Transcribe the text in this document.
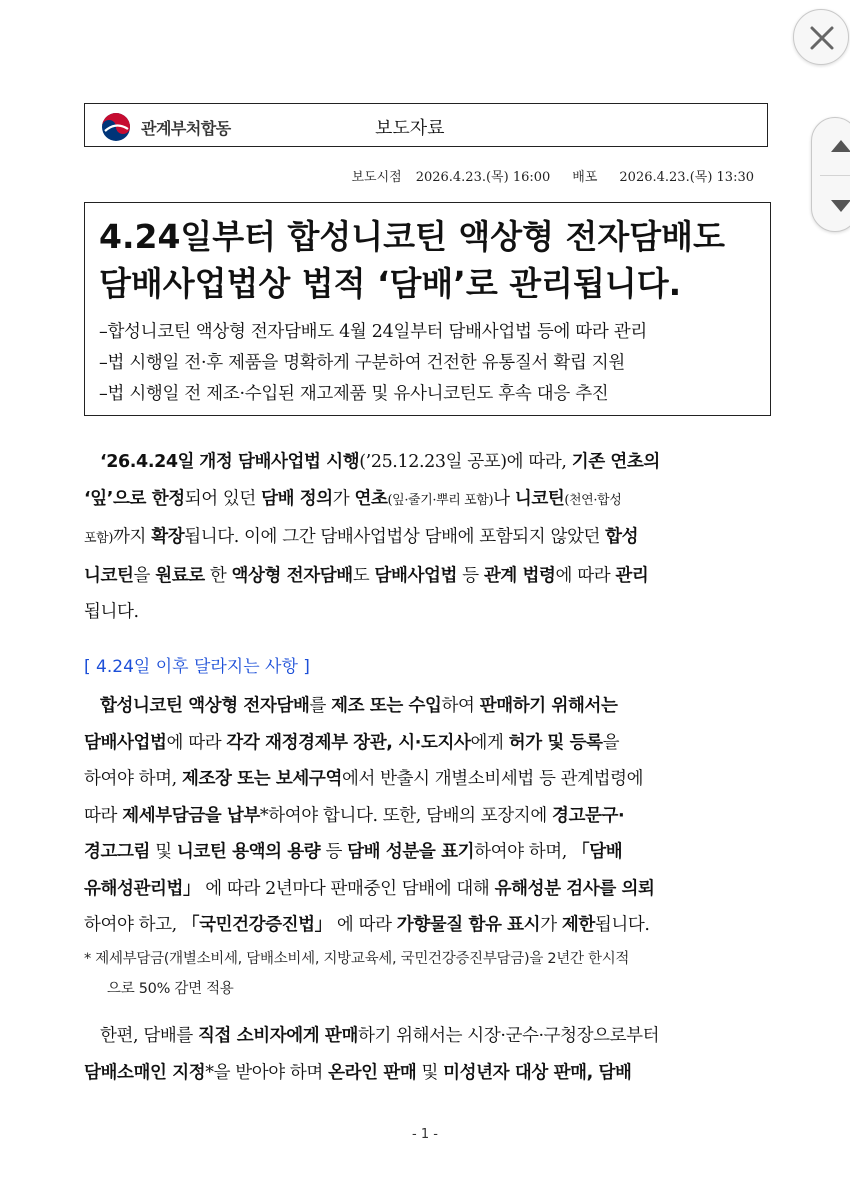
관계부처합동	보도자료
보도시점 2026.4.23.(목) 16:00 배포 2026.4.23.(목) 13:30
4.24일부터 합성니코틴 액상형 전자담배도
담배사업법상 법적 ‘담배’로 관리됩니다.
–합성니코틴 액상형 전자담배도 4월 24일부터 담배사업법 등에 따라 관리
–법 시행일 전·후 제품을 명확하게 구분하여 건전한 유통질서 확립 지원
–법 시행일 전 제조·수입된 재고제품 및 유사니코틴도 후속 대응 추진
‘26.4.24일 개정 담배사업법 시행(’25.12.23일 공포)에 따라, 기존 연초의
‘잎’으로 한정되어 있던 담배 정의가 연초(잎·줄기·뿌리 포함)나 니코틴(천연·합성
포함)까지 확장됩니다. 이에 그간 담배사업법상 담배에 포함되지 않았던 합성
니코틴을 원료로 한 액상형 전자담배도 담배사업법 등 관계 법령에 따라 관리
됩니다.
[ 4.24일 이후 달라지는 사항 ]
합성니코틴 액상형 전자담배를 제조 또는 수입하여 판매하기 위해서는
담배사업법에 따라 각각 재정경제부 장관, 시·도지사에게 허가 및 등록을
하여야 하며, 제조장 또는 보세구역에서 반출시 개별소비세법 등 관계법령에
따라 제세부담금을 납부*하여야 합니다. 또한, 담배의 포장지에 경고문구·
경고그림 및 니코틴 용액의 용량 등 담배 성분을 표기하여야 하며, 「담배
유해성관리법」 에 따라 2년마다 판매중인 담배에 대해 유해성분 검사를 의뢰
하여야 하고, 「국민건강증진법」 에 따라 가향물질 함유 표시가 제한됩니다.
* 제세부담금(개별소비세, 담배소비세, 지방교육세, 국민건강증진부담금)을 2년간 한시적
으로 50% 감면 적용
한편, 담배를 직접 소비자에게 판매하기 위해서는 시장·군수·구청장으로부터
담배소매인 지정*을 받아야 하며 온라인 판매 및 미성년자 대상 판매, 담배
- 1 -
